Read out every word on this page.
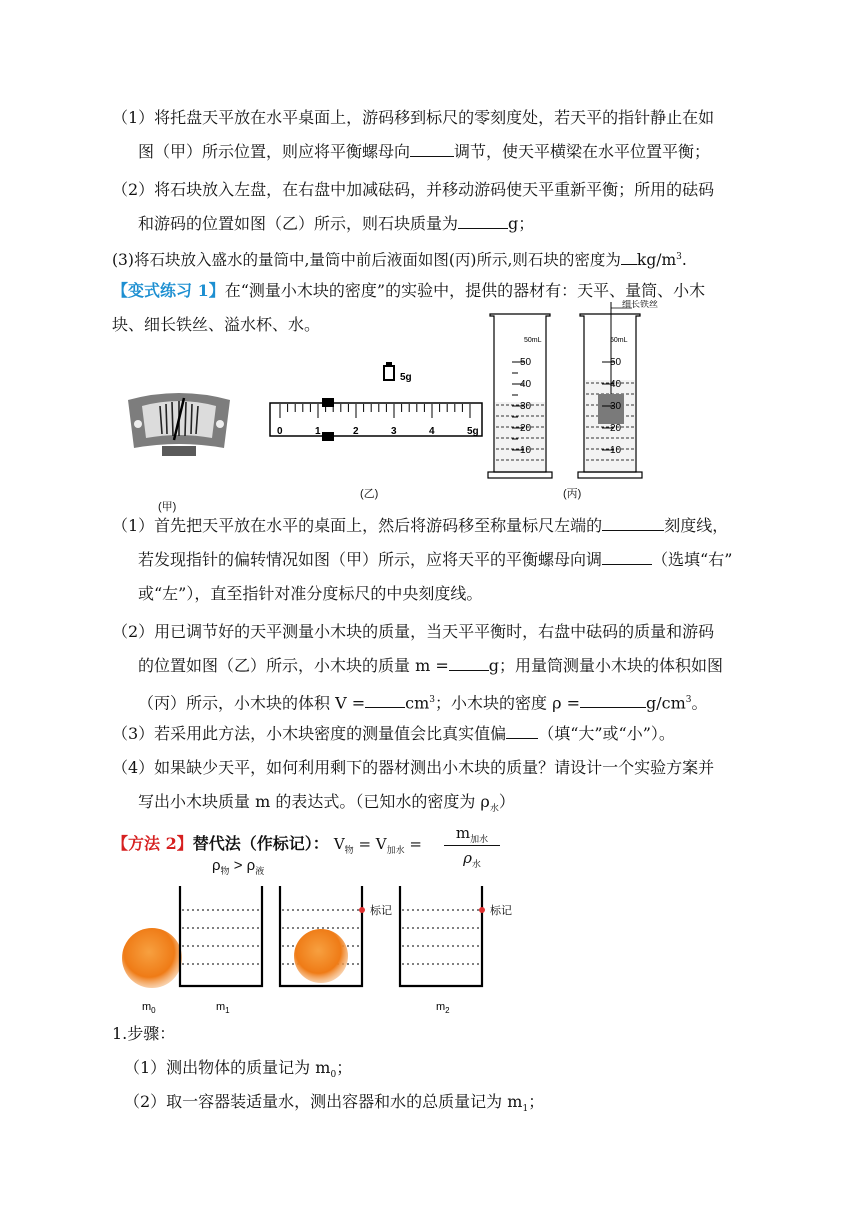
（1）将托盘天平放在水平桌面上，游码移到标尺的零刻度处，若天平的指针静止在如
图（甲）所示位置，则应将平衡螺母向	调节，使天平横梁在水平位置平衡；
（2）将石块放入左盘，在右盘中加减砝码，并移动游码使天平重新平衡；所用的砝码
和游码的位置如图（乙）所示，则石块质量为	g；
(3)将石块放入盛水的量筒中,量筒中前后液面如图(丙)所示,则石块的密度为 $kg/m^3$.
【变式练习 1】在“测量小木块的密度”的实验中，提供的器材有：天平、量筒、小木
块、细长铁丝、溢水杯、水。
(甲)
5g
0	1	2	3	4	5g
(乙)
50mL
50
40
30
20
10
细长铁丝
50mL
50
40
30
20
10
(丙)
（1）首先把天平放在水平的桌面上，然后将游码移至称量标尺左端的	刻度线，
若发现指针的偏转情况如图（甲）所示，应将天平的平衡螺母向调	（选填“右”
或“左”），直至指针对准分度标尺的中央刻度线。
（2）用已调节好的天平测量小木块的质量，当天平平衡时，右盘中砝码的质量和游码
的位置如图（乙）所示，小木块的质量 m =	g；用量筒测量小木块的体积如图
（丙）所示，小木块的体积 V =	$cm^3$；小木块的密度 ρ =	$g/cm^3$。
（3）若采用此方法，小木块密度的测量值会比真实值偏 （填“大”或“小”）。
（4）如果缺少天平，如何利用剩下的器材测出小木块的质量？请设计一个实验方案并
写出小木块质量 m 的表达式。（已知水的密度为 $\rho_水$）
【方法 2】替代法（作标记）： $V_物 = V_{加水}$ =
$m_{加水}$
$\rho_水$
$\rho_物 > \rho_液$
标记	标记
$m_0$	$m_1$	$m_2$
1.步骤：
（1）测出物体的质量记为 $m_0$；
（2）取一容器装适量水，测出容器和水的总质量记为 $m_1$；
